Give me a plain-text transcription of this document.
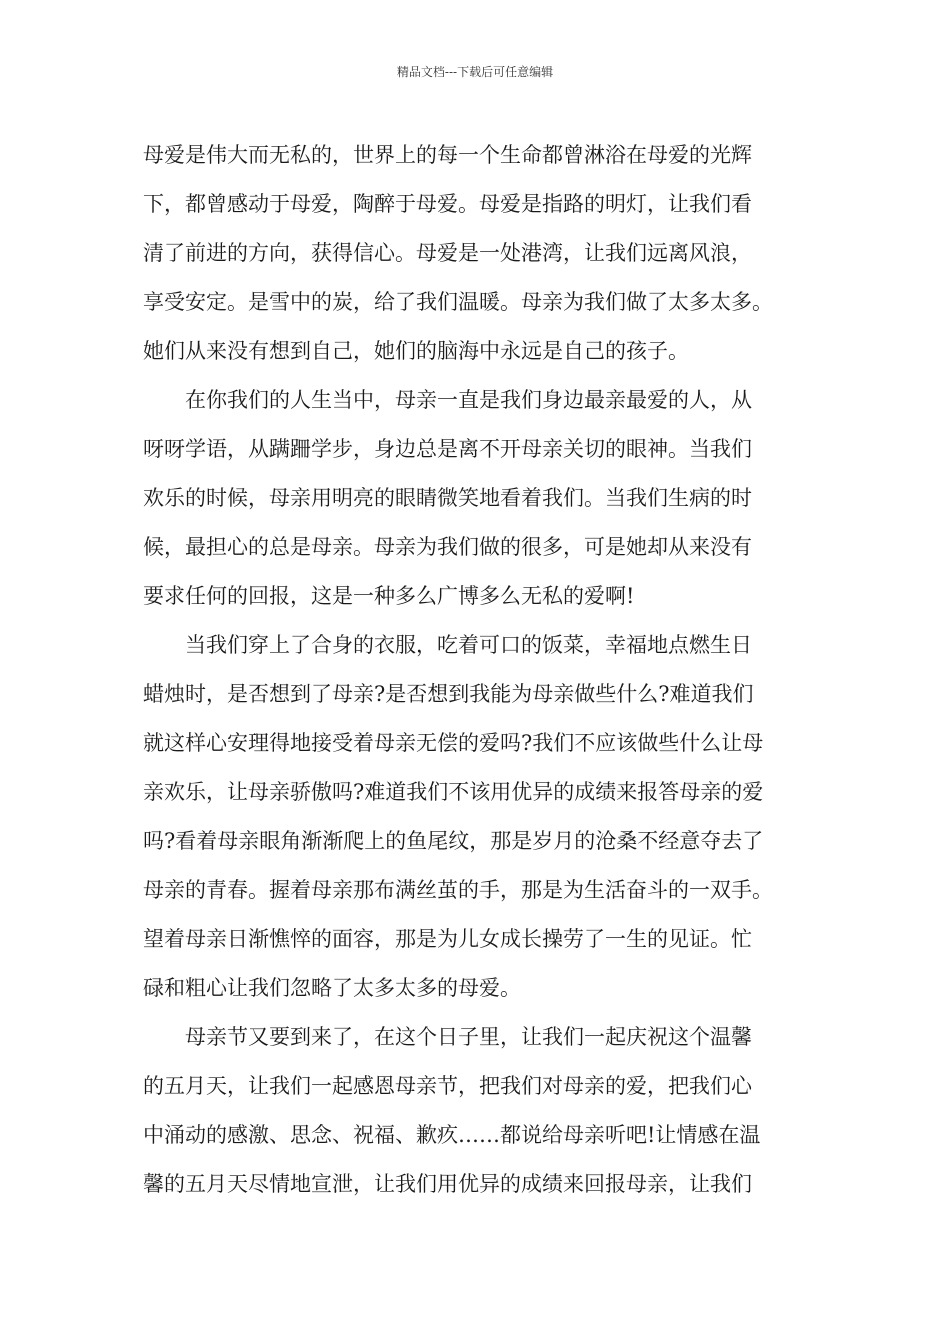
精品文档---下载后可任意编辑
母爱是伟大而无私的，世界上的每一个生命都曾淋浴在母爱的光辉
下，都曾感动于母爱，陶醉于母爱。母爱是指路的明灯，让我们看
清了前进的方向，获得信心。母爱是一处港湾，让我们远离风浪，
享受安定。是雪中的炭，给了我们温暖。母亲为我们做了太多太多。
她们从来没有想到自己，她们的脑海中永远是自己的孩子。
　　在你我们的人生当中，母亲一直是我们身边最亲最爱的人，从
呀呀学语，从蹒跚学步，身边总是离不开母亲关切的眼神。当我们
欢乐的时候，母亲用明亮的眼睛微笑地看着我们。当我们生病的时
候，最担心的总是母亲。母亲为我们做的很多，可是她却从来没有
要求任何的回报，这是一种多么广博多么无私的爱啊!
　　当我们穿上了合身的衣服，吃着可口的饭菜，幸福地点燃生日
蜡烛时，是否想到了母亲?是否想到我能为母亲做些什么?难道我们
就这样心安理得地接受着母亲无偿的爱吗?我们不应该做些什么让母
亲欢乐，让母亲骄傲吗?难道我们不该用优异的成绩来报答母亲的爱
吗?看着母亲眼角渐渐爬上的鱼尾纹，那是岁月的沧桑不经意夺去了
母亲的青春。握着母亲那布满丝茧的手，那是为生活奋斗的一双手。
望着母亲日渐憔悴的面容，那是为儿女成长操劳了一生的见证。忙
碌和粗心让我们忽略了太多太多的母爱。
　　母亲节又要到来了，在这个日子里，让我们一起庆祝这个温馨
的五月天，让我们一起感恩母亲节，把我们对母亲的爱，把我们心
中涌动的感激、思念、祝福、歉疚……都说给母亲听吧!让情感在温
馨的五月天尽情地宣泄，让我们用优异的成绩来回报母亲，让我们
